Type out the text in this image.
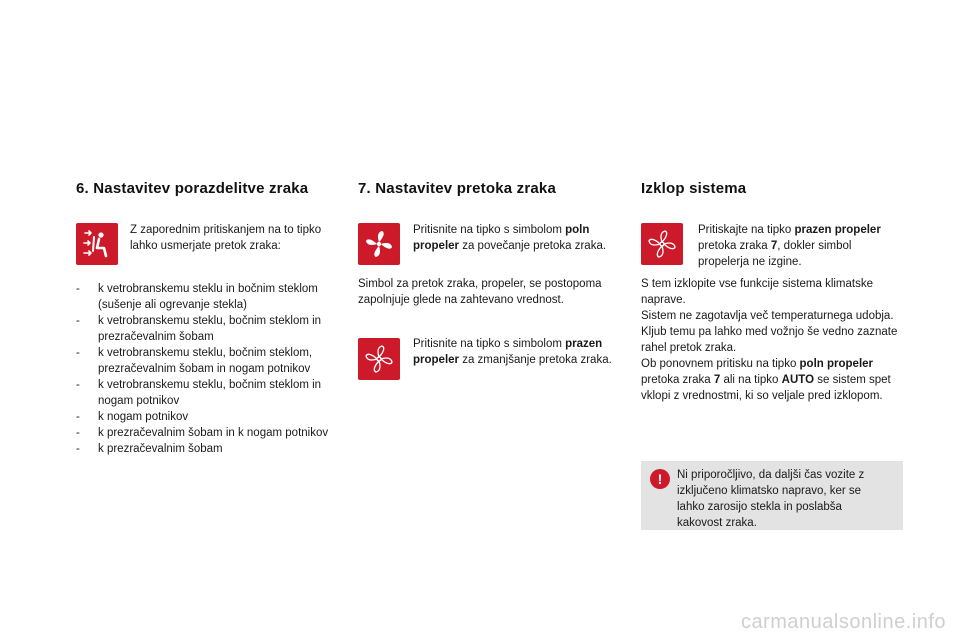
6. Nastavitev porazdelitve zraka

Z zaporednim pritiskanjem na to tipko lahko usmerjate pretok zraka:

- k vetrobranskemu steklu in bočnim steklom (sušenje ali ogrevanje stekla)
- k vetrobranskemu steklu, bočnim steklom in prezračevalnim šobam
- k vetrobranskemu steklu, bočnim steklom, prezračevalnim šobam in nogam potnikov
- k vetrobranskemu steklu, bočnim steklom in nogam potnikov
- k nogam potnikov
- k prezračevalnim šobam in k nogam potnikov
- k prezračevalnim šobam
7. Nastavitev pretoka zraka

Pritisnite na tipko s simbolom poln propeler za povečanje pretoka zraka.

Simbol za pretok zraka, propeler, se postopoma zapolnjuje glede na zahtevano vrednost.

Pritisnite na tipko s simbolom prazen propeler za zmanjšanje pretoka zraka.

Izklop sistema

Pritiskajte na tipko prazen propeler pretoka zraka 7, dokler simbol propelerja ne izgine.

S tem izklopite vse funkcije sistema klimatske naprave.
Sistem ne zagotavlja več temperaturnega udobja. Kljub temu pa lahko med vožnjo še vedno zaznate rahel pretok zraka.
Ob ponovnem pritisku na tipko poln propeler pretoka zraka 7 ali na tipko AUTO se sistem spet vklopi z vrednostmi, ki so veljale pred izklopom.
!	Ni priporočljivo, da daljši čas vozite z izključeno klimatsko napravo, ker se lahko zarosijo stekla in poslabša kakovost zraka.

carmanualsonline.info
